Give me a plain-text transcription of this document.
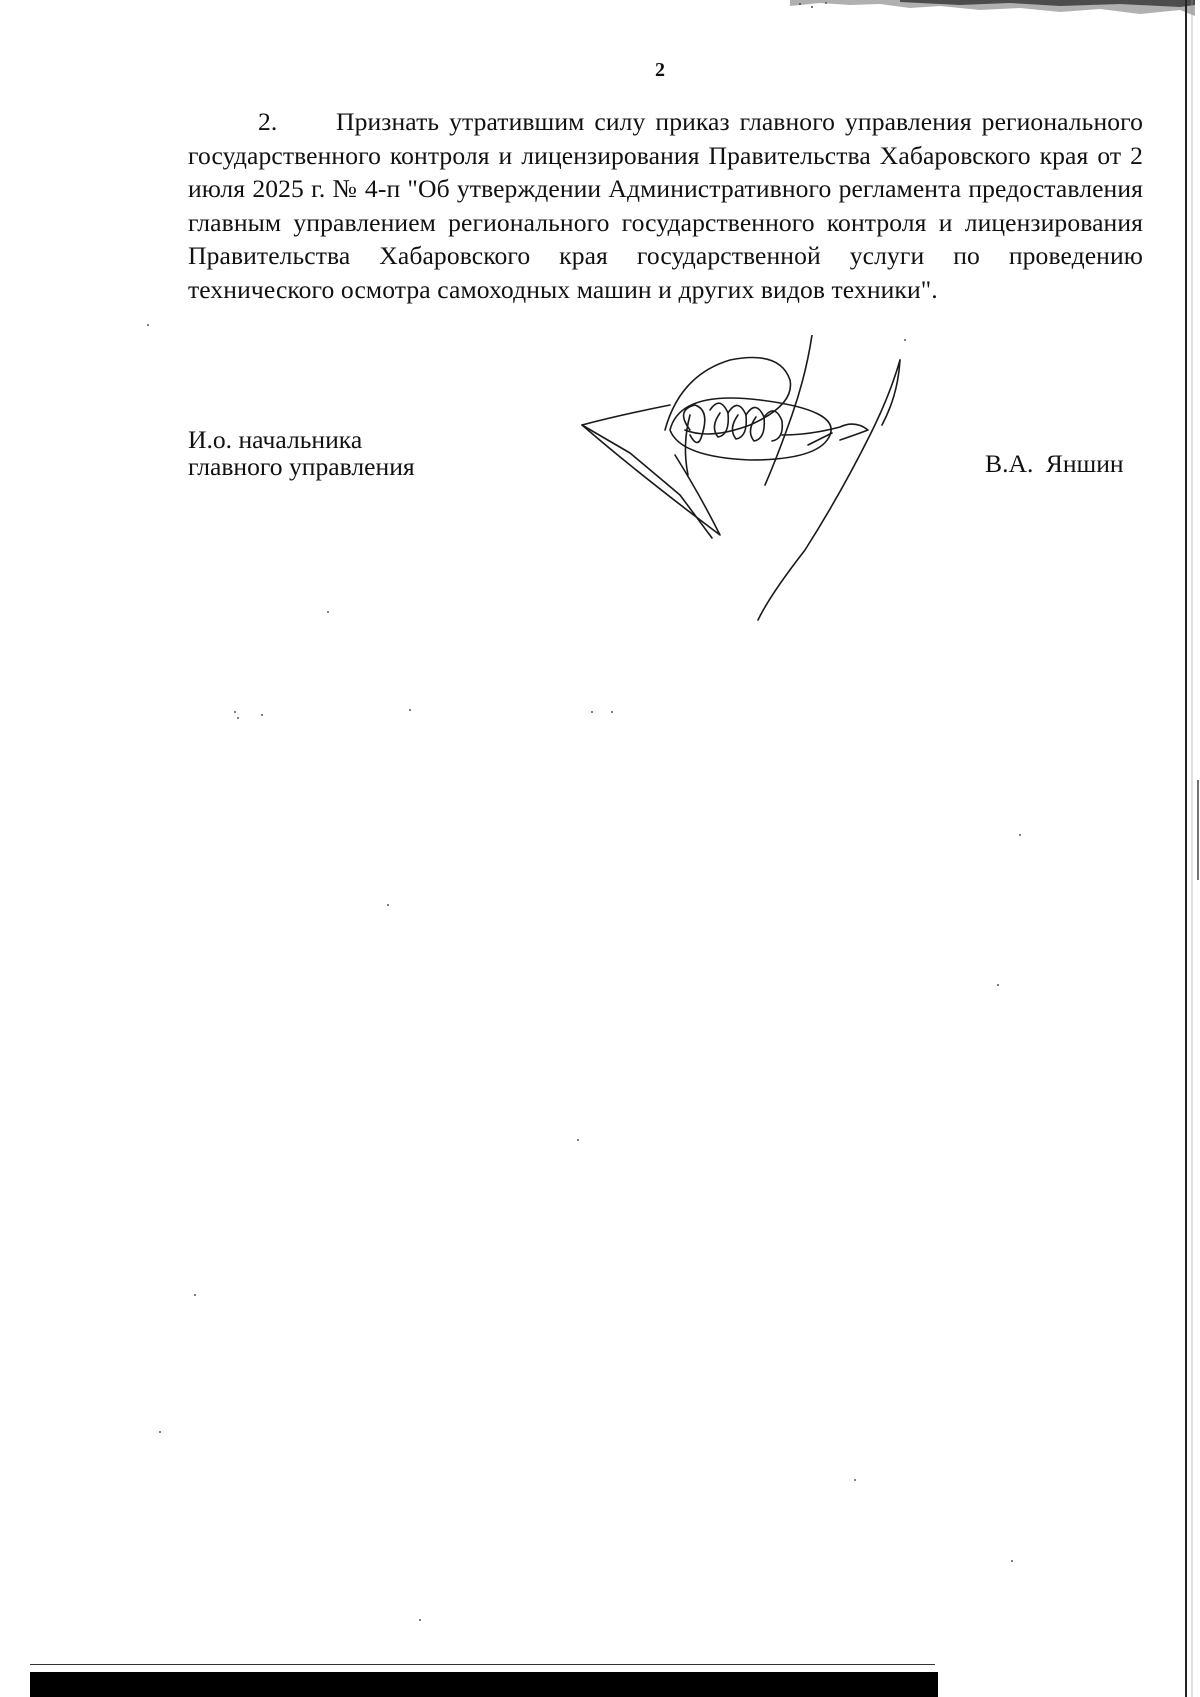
2

2. Признать утратившим силу приказ главного управления регионального государственного контроля и лицензирования Правительства Хабаровского края от 2 июля 2025 г. № 4-п "Об утверждении Административного регламента предоставления главным управлением регионального государственного контроля и лицензирования Правительства Хабаровского края государственной услуги по проведению технического осмотра самоходных машин и других видов техники".

И.о. начальника
главного управления	В.А. Яншин
